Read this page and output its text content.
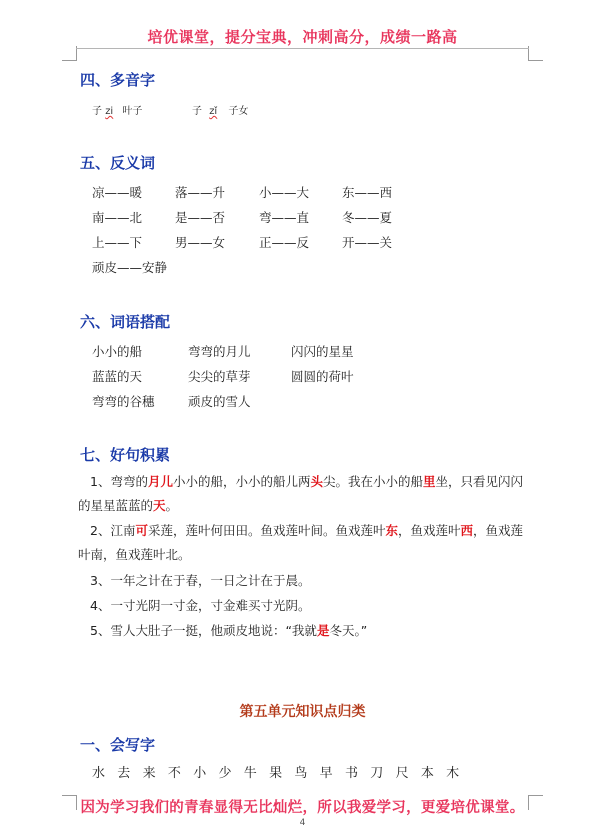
培优课堂，提分宝典，冲刺高分，成绩一路高
四、多音字
子 zi 叶子	子 zǐ 子女
五、反义词
凉——暖	落——升	小——大	东——西
南——北	是——否	弯——直	冬——夏
上——下	男——女	正——反	开——关
顽皮——安静
六、词语搭配
小小的船	弯弯的月儿	闪闪的星星
蓝蓝的天	尖尖的草芽	圆圆的荷叶
弯弯的谷穗	顽皮的雪人
七、好句积累
1、弯弯的月儿小小的船，小小的船儿两头尖。我在小小的船里坐，只看见闪闪的星星蓝蓝的天。
2、江南可采莲，莲叶何田田。鱼戏莲叶间。鱼戏莲叶东，鱼戏莲叶西，鱼戏莲叶南，鱼戏莲叶北。
3、一年之计在于春，一日之计在于晨。
4、一寸光阴一寸金，寸金难买寸光阴。
5、雪人大肚子一挺，他顽皮地说：“我就是冬天。”
第五单元知识点归类
一、会写字
水 去 来 不 小 少 牛 果 鸟 早 书 刀 尺 本 木
因为学习我们的青春显得无比灿烂，所以我爱学习，更爱培优课堂。
4
